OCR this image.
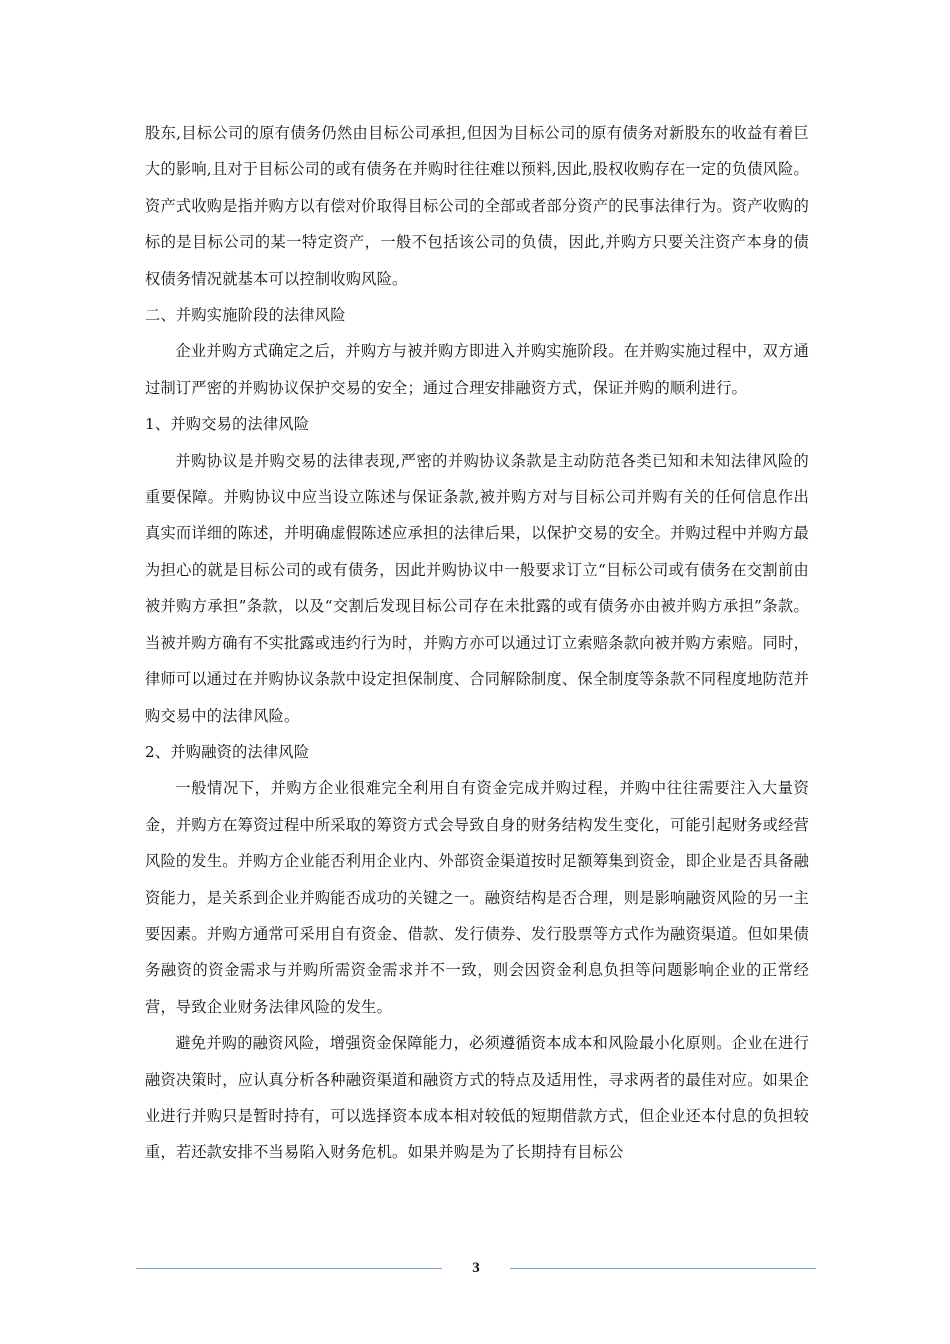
股东,目标公司的原有债务仍然由目标公司承担,但因为目标公司的原有债务对新股东的收益有着巨大的影响,且对于目标公司的或有债务在并购时往往难以预料,因此,股权收购存在一定的负债风险。资产式收购是指并购方以有偿对价取得目标公司的全部或者部分资产的民事法律行为。资产收购的标的是目标公司的某一特定资产，一般不包括该公司的负债，因此,并购方只要关注资产本身的债权债务情况就基本可以控制收购风险。

二、并购实施阶段的法律风险

企业并购方式确定之后，并购方与被并购方即进入并购实施阶段。在并购实施过程中，双方通过制订严密的并购协议保护交易的安全；通过合理安排融资方式，保证并购的顺利进行。

1、并购交易的法律风险

并购协议是并购交易的法律表现,严密的并购协议条款是主动防范各类已知和未知法律风险的重要保障。并购协议中应当设立陈述与保证条款,被并购方对与目标公司并购有关的任何信息作出真实而详细的陈述，并明确虚假陈述应承担的法律后果，以保护交易的安全。并购过程中并购方最为担心的就是目标公司的或有债务，因此并购协议中一般要求订立“目标公司或有债务在交割前由被并购方承担”条款，以及“交割后发现目标公司存在未批露的或有债务亦由被并购方承担”条款。当被并购方确有不实批露或违约行为时，并购方亦可以通过订立索赔条款向被并购方索赔。同时，律师可以通过在并购协议条款中设定担保制度、合同解除制度、保全制度等条款不同程度地防范并购交易中的法律风险。

2、并购融资的法律风险

一般情况下，并购方企业很难完全利用自有资金完成并购过程，并购中往往需要注入大量资金，并购方在筹资过程中所采取的筹资方式会导致自身的财务结构发生变化，可能引起财务或经营风险的发生。并购方企业能否利用企业内、外部资金渠道按时足额筹集到资金，即企业是否具备融资能力，是关系到企业并购能否成功的关键之一。融资结构是否合理，则是影响融资风险的另一主要因素。并购方通常可采用自有资金、借款、发行债券、发行股票等方式作为融资渠道。但如果债务融资的资金需求与并购所需资金需求并不一致，则会因资金利息负担等问题影响企业的正常经营，导致企业财务法律风险的发生。

避免并购的融资风险，增强资金保障能力，必须遵循资本成本和风险最小化原则。企业在进行融资决策时，应认真分析各种融资渠道和融资方式的特点及适用性，寻求两者的最佳对应。如果企业进行并购只是暂时持有，可以选择资本成本相对较低的短期借款方式，但企业还本付息的负担较重，若还款安排不当易陷入财务危机。如果并购是为了长期持有目标公

3
